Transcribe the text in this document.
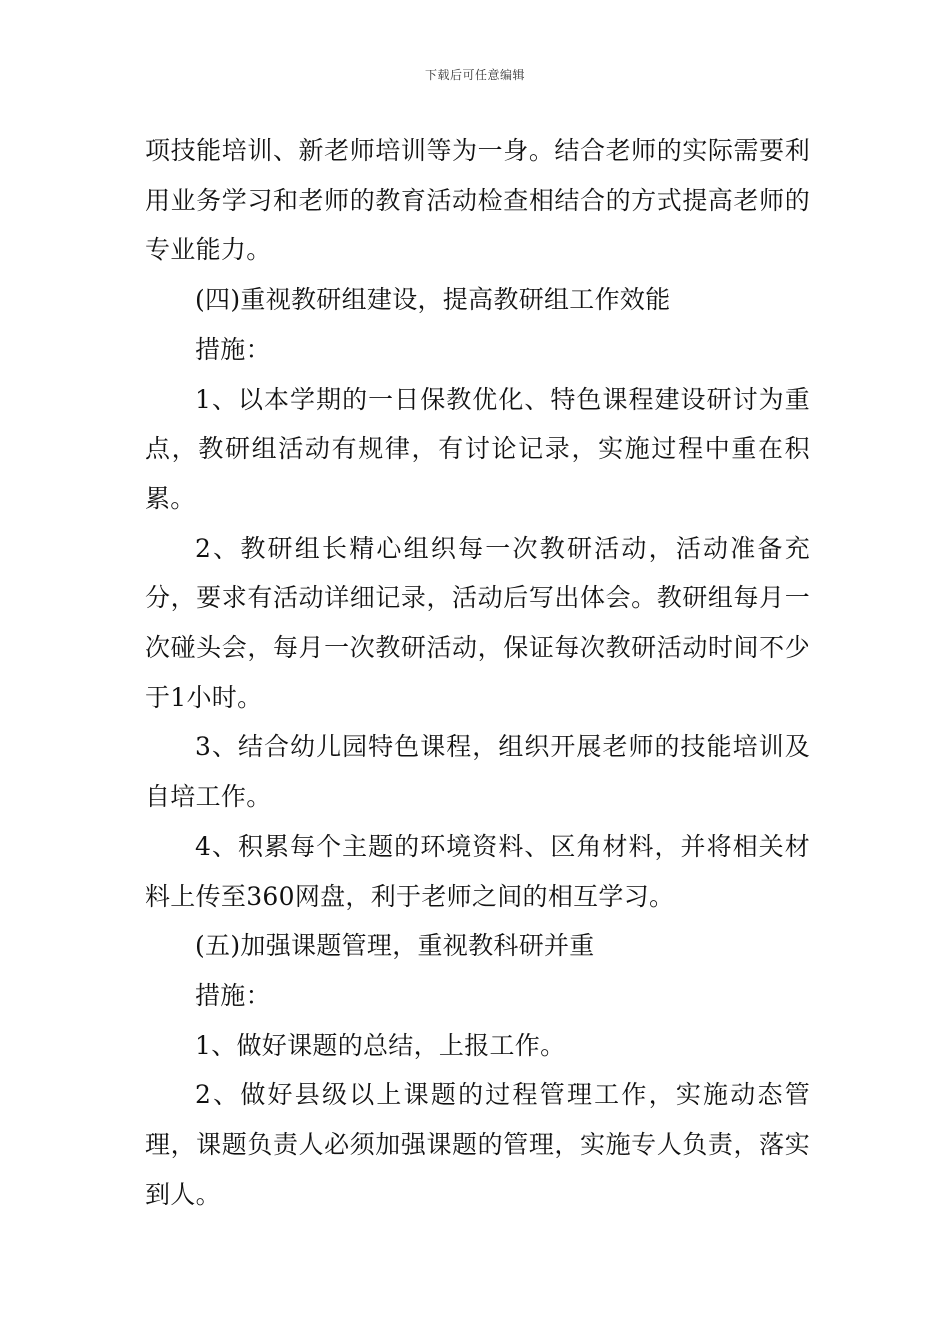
下载后可任意编辑

项技能培训、新老师培训等为一身。结合老师的实际需要利用业务学习和老师的教育活动检查相结合的方式提高老师的专业能力。

(四)重视教研组建设，提高教研组工作效能

措施：

1、以本学期的一日保教优化、特色课程建设研讨为重点，教研组活动有规律，有讨论记录，实施过程中重在积累。

2、教研组长精心组织每一次教研活动，活动准备充分，要求有活动详细记录，活动后写出体会。教研组每月一次碰头会，每月一次教研活动，保证每次教研活动时间不少于1小时。

3、结合幼儿园特色课程，组织开展老师的技能培训及自培工作。

4、积累每个主题的环境资料、区角材料，并将相关材料上传至360网盘，利于老师之间的相互学习。

(五)加强课题管理，重视教科研并重

措施：

1、做好课题的总结，上报工作。

2、做好县级以上课题的过程管理工作，实施动态管理，课题负责人必须加强课题的管理，实施专人负责，落实到人。
